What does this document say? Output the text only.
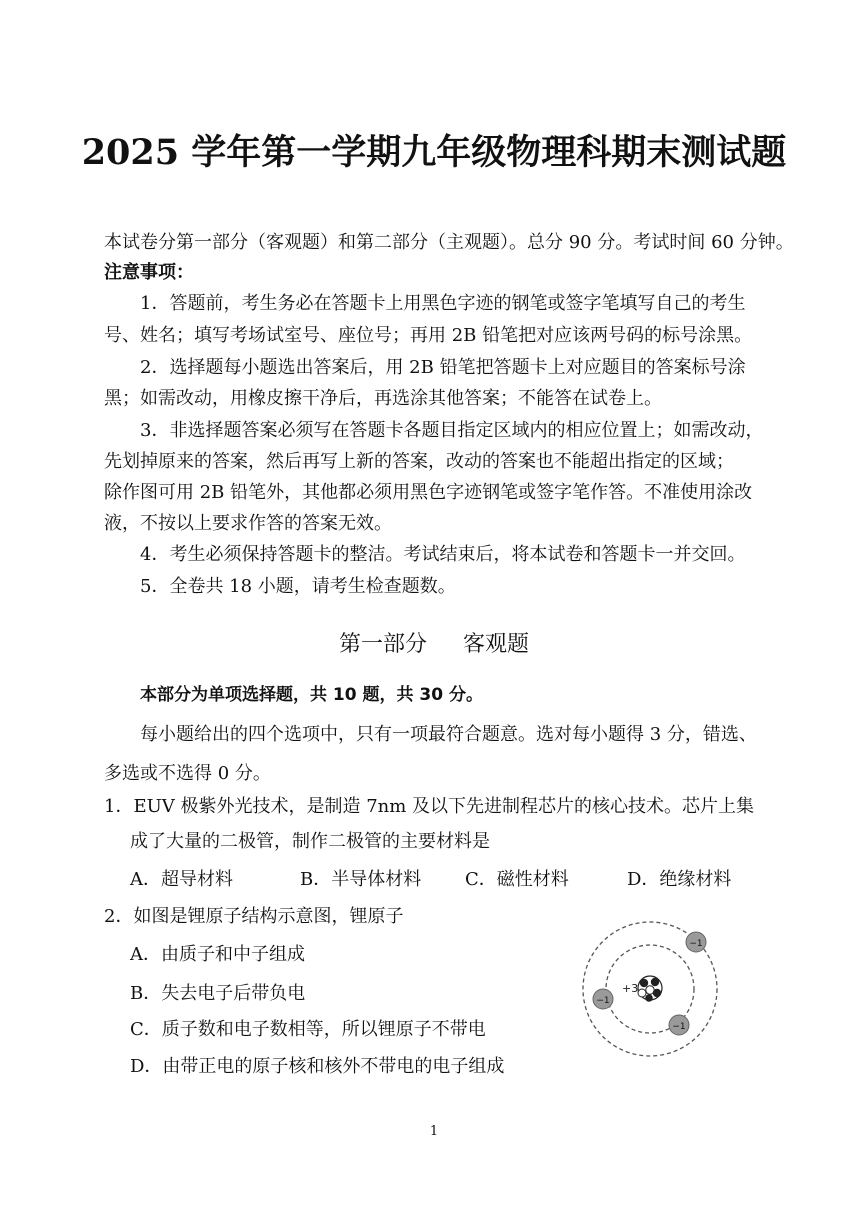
2025 学年第一学期九年级物理科期末测试题
本试卷分第一部分（客观题）和第二部分（主观题）。总分 90 分。考试时间 60 分钟。
注意事项：
1．答题前，考生务必在答题卡上用黑色字迹的钢笔或签字笔填写自己的考生
号、姓名；填写考场试室号、座位号；再用 2B 铅笔把对应该两号码的标号涂黑。
2．选择题每小题选出答案后，用 2B 铅笔把答题卡上对应题目的答案标号涂
黑；如需改动，用橡皮擦干净后，再选涂其他答案；不能答在试卷上。
3．非选择题答案必须写在答题卡各题目指定区域内的相应位置上；如需改动，
先划掉原来的答案，然后再写上新的答案，改动的答案也不能超出指定的区域；
除作图可用 2B 铅笔外，其他都必须用黑色字迹钢笔或签字笔作答。不准使用涂改
液，不按以上要求作答的答案无效。
4．考生必须保持答题卡的整洁。考试结束后，将本试卷和答题卡一并交回。
5．全卷共 18 小题，请考生检查题数。
第一部分 客观题
本部分为单项选择题，共 10 题，共 30 分。
每小题给出的四个选项中，只有一项最符合题意。选对每小题得 3 分，错选、
多选或不选得 0 分。
1．EUV 极紫外光技术，是制造 7nm 及以下先进制程芯片的核心技术。芯片上集
成了大量的二极管，制作二极管的主要材料是
A．超导材料	B．半导体材料 C．磁性材料	D．绝缘材料
2．如图是锂原子结构示意图，锂原子
A．由质子和中子组成
B．失去电子后带负电
C．质子数和电子数相等，所以锂原子不带电
D．由带正电的原子核和核外不带电的电子组成
+3
−1
−1
−1
1
